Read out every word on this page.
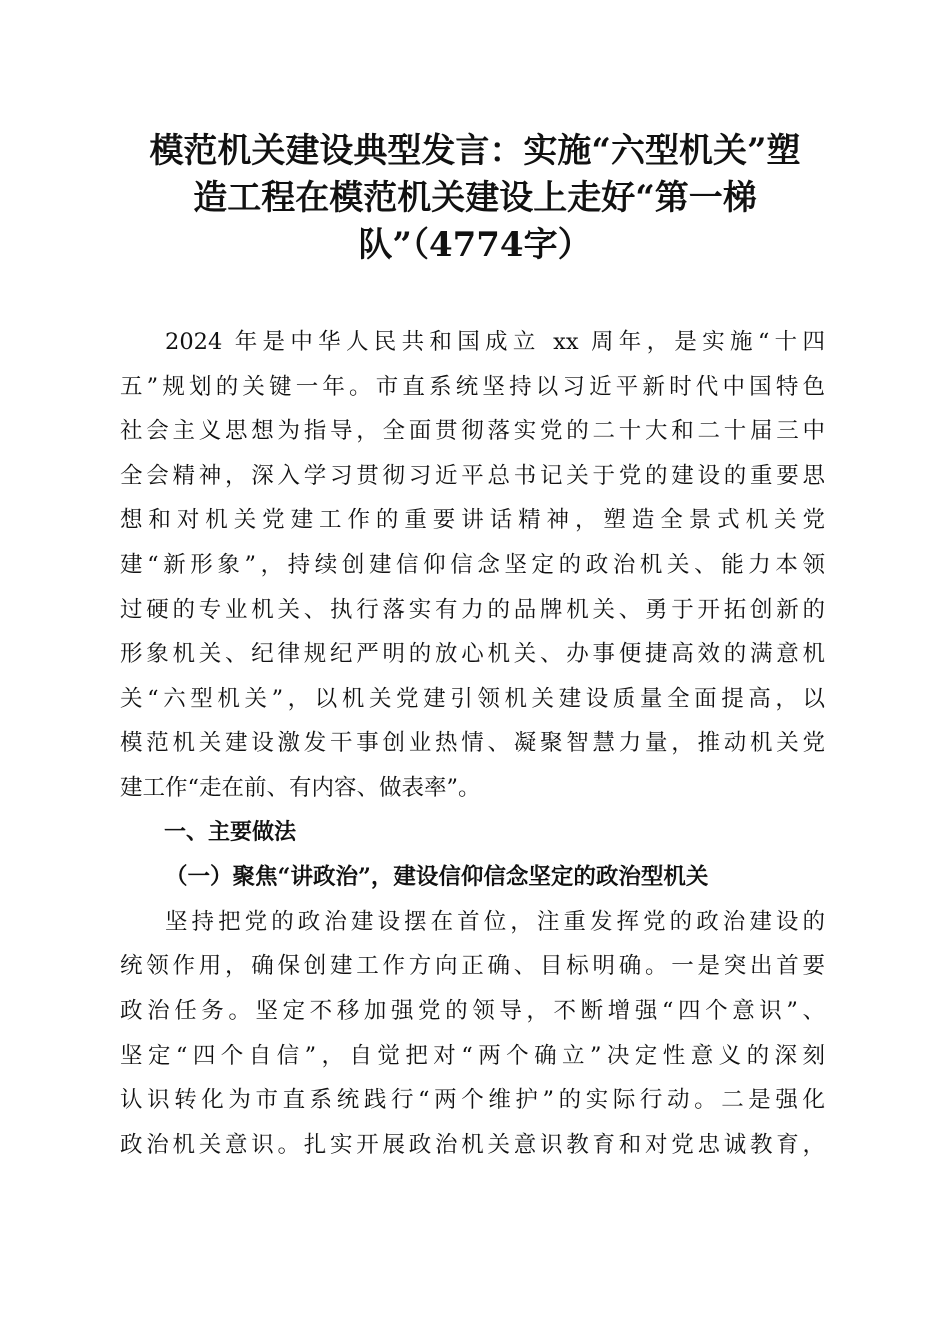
模范机关建设典型发言：实施“六型机关”塑
造工程在模范机关建设上走好“第一梯
队”（4774字）

2024 年是中华人民共和国成立 xx 周年，是实施“十四
五”规划的关键一年。市直系统坚持以习近平新时代中国特色
社会主义思想为指导，全面贯彻落实党的二十大和二十届三中
全会精神，深入学习贯彻习近平总书记关于党的建设的重要思
想和对机关党建工作的重要讲话精神，塑造全景式机关党
建“新形象”，持续创建信仰信念坚定的政治机关、能力本领
过硬的专业机关、执行落实有力的品牌机关、勇于开拓创新的
形象机关、纪律规纪严明的放心机关、办事便捷高效的满意机
关“六型机关”，以机关党建引领机关建设质量全面提高，以
模范机关建设激发干事创业热情、凝聚智慧力量，推动机关党
建工作“走在前、有内容、做表率”。

一、主要做法

（一）聚焦“讲政治”，建设信仰信念坚定的政治型机关

坚持把党的政治建设摆在首位，注重发挥党的政治建设的
统领作用，确保创建工作方向正确、目标明确。一是突出首要
政治任务。坚定不移加强党的领导，不断增强“四个意识”、
坚定“四个自信”，自觉把对“两个确立”决定性意义的深刻
认识转化为市直系统践行“两个维护”的实际行动。二是强化
政治机关意识。扎实开展政治机关意识教育和对党忠诚教育，
